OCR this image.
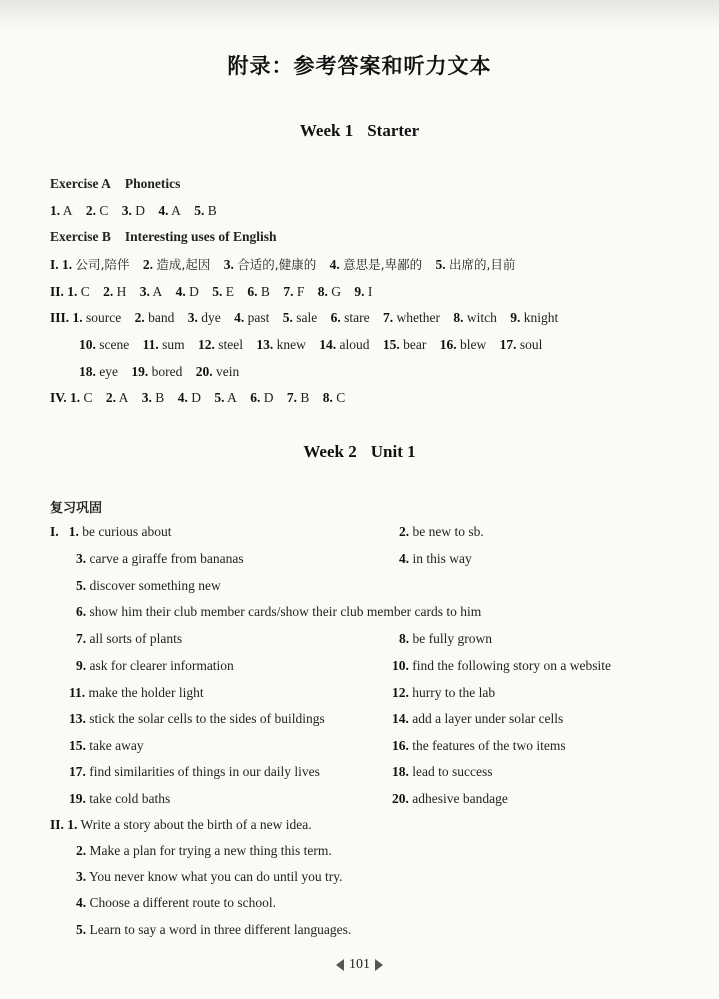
附录：参考答案和听力文本
Week 1 Starter
Exercise A Phonetics
1. A 2. C 3. D 4. A 5. B
Exercise B Interesting uses of English
I. 1. 公司,陪伴 2. 造成,起因 3. 合适的,健康的 4. 意思是,卑鄙的 5. 出席的,目前
II. 1. C 2. H 3. A 4. D 5. E 6. B 7. F 8. G 9. I
III. 1. source 2. band 3. dye 4. past 5. sale 6. stare 7. whether 8. witch 9. knight
10. scene 11. sum 12. steel 13. knew 14. aloud 15. bear 16. blew 17. soul
18. eye 19. bored 20. vein
IV. 1. C 2. A 3. B 4. D 5. A 6. D 7. B 8. C
Week 2 Unit 1
复习巩固
I. 1. be curious about	2. be new to sb.
3. carve a giraffe from bananas	4. in this way
5. discover something new
6. show him their club member cards/show their club member cards to him
7. all sorts of plants	8. be fully grown
9. ask for clearer information	10. find the following story on a website
11. make the holder light	12. hurry to the lab
13. stick the solar cells to the sides of buildings	14. add a layer under solar cells
15. take away	16. the features of the two items
17. find similarities of things in our daily lives	18. lead to success
19. take cold baths	20. adhesive bandage
II. 1. Write a story about the birth of a new idea.
2. Make a plan for trying a new thing this term.
3. You never know what you can do until you try.
4. Choose a different route to school.
5. Learn to say a word in three different languages.
101
